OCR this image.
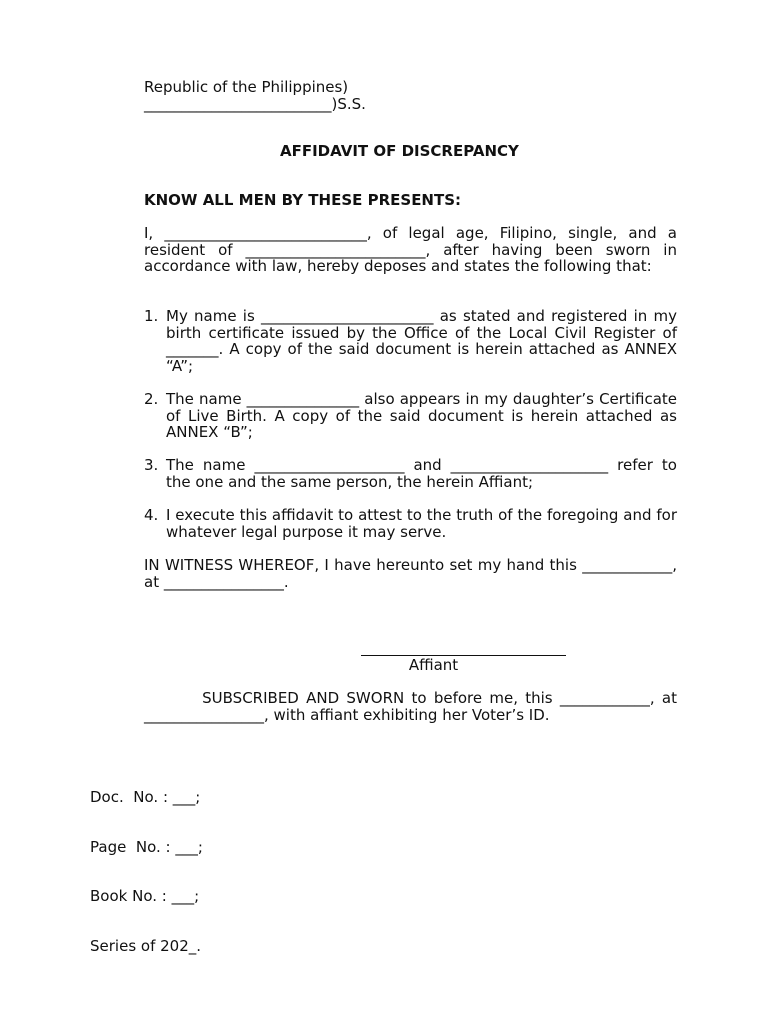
Republic of the Philippines)
_________________________)S.S.
AFFIDAVIT OF DISCREPANCY
KNOW ALL MEN BY THESE PRESENTS:
I, ___________________________, of legal age, Filipino, single, and a resident of ________________________, after having been sworn in accordance with law, hereby deposes and states the following that:
1. My name is _______________________ as stated and registered in my birth certificate issued by the Office of the Local Civil Register of _______. A copy of the said document is herein attached as ANNEX “A”;
2. The name _______________ also appears in my daughter’s Certificate of Live Birth. A copy of the said document is herein attached as ANNEX “B”;
3. The name ____________________ and _____________________ refer to the one and the same person, the herein Affiant;
4. I execute this affidavit to attest to the truth of the foregoing and for whatever legal purpose it may serve.
IN WITNESS WHEREOF, I have hereunto set my hand this ____________, at ________________.
Affiant
SUBSCRIBED AND SWORN to before me, this ____________, at ________________, with affiant exhibiting her Voter’s ID.

Doc.  No. : ___;

Page  No. : ___;

Book No. : ___;

Series of 202_.
